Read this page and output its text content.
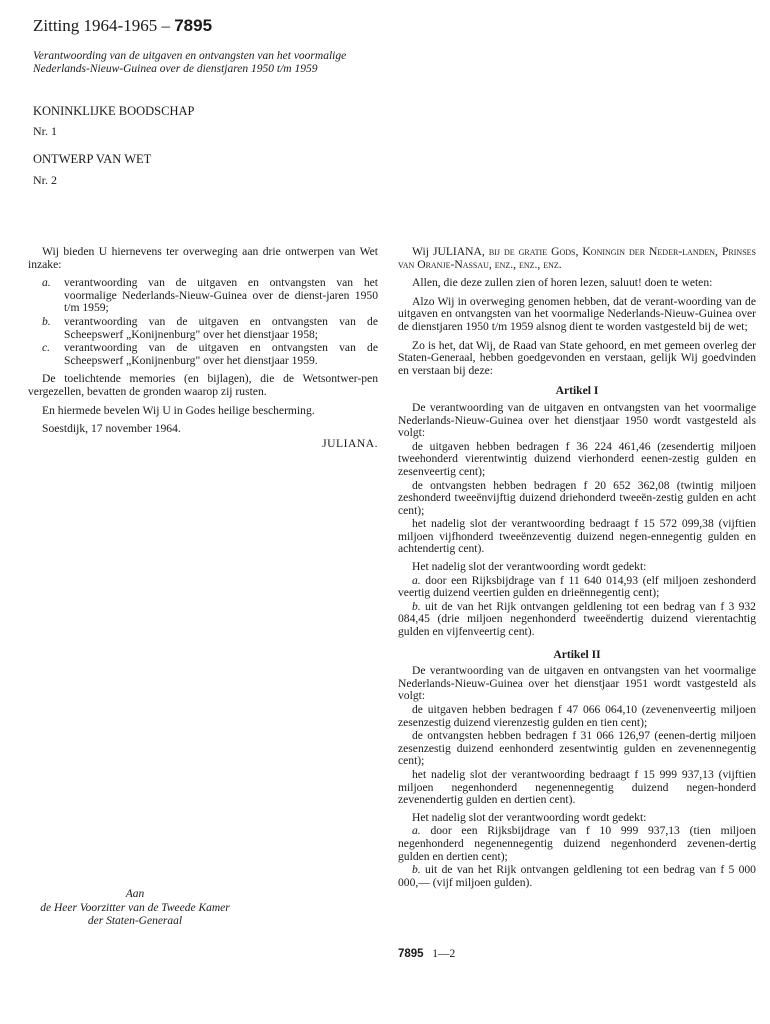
Zitting 1964-1965 – 7895
Verantwoording van de uitgaven en ontvangsten van het voormalige Nederlands-Nieuw-Guinea over de dienstjaren 1950 t/m 1959
KONINKLIJKE BOODSCHAP
Nr. 1
ONTWERP VAN WET
Nr. 2

Wij bieden U hiernevens ter overweging aan drie ontwerpen van Wet inzake:

a. verantwoording van de uitgaven en ontvangsten van het voormalige Nederlands-Nieuw-Guinea over de dienst-jaren 1950 t/m 1959;
b. verantwoording van de uitgaven en ontvangsten van de Scheepswerf „Konijnenburg" over het dienstjaar 1958;
c. verantwoording van de uitgaven en ontvangsten van de Scheepswerf „Konijnenburg" over het dienstjaar 1959.

De toelichtende memories (en bijlagen), die de Wetsontwer-pen vergezellen, bevatten de gronden waarop zij rusten.

En hiermede bevelen Wij U in Godes heilige bescherming.

Soestdijk, 17 november 1964.

JULIANA.

Aan
de Heer Voorzitter van de Tweede Kamer
der Staten-Generaal

Wij JULIANA, bij de gratie Gods, Koningin der Neder-landen, Prinses van Oranje-Nassau, enz., enz., enz.

Allen, die deze zullen zien of horen lezen, saluut! doen te weten:

Alzo Wij in overweging genomen hebben, dat de verant-woording van de uitgaven en ontvangsten van het voormalige Nederlands-Nieuw-Guinea over de dienstjaren 1950 t/m 1959 alsnog dient te worden vastgesteld bij de wet;

Zo is het, dat Wij, de Raad van State gehoord, en met gemeen overleg der Staten-Generaal, hebben goedgevonden en verstaan, gelijk Wij goedvinden en verstaan bij deze:

Artikel I

De verantwoording van de uitgaven en ontvangsten van het voormalige Nederlands-Nieuw-Guinea over het dienstjaar 1950 wordt vastgesteld als volgt:

de uitgaven hebben bedragen f 36 224 461,46 (zesendertig miljoen tweehonderd vierentwintig duizend vierhonderd eenen-zestig gulden en zesenveertig cent);

de ontvangsten hebben bedragen f 20 652 362,08 (twintig miljoen zeshonderd tweeënvijftig duizend driehonderd tweeën-zestig gulden en acht cent);

het nadelig slot der verantwoording bedraagt f 15 572 099,38 (vijftien miljoen vijfhonderd tweeënzeventig duizend negen-ennegentig gulden en achtendertig cent).

Het nadelig slot der verantwoording wordt gedekt:

a. door een Rijksbijdrage van f 11 640 014,93 (elf miljoen zeshonderd veertig duizend veertien gulden en drieënnegentig cent);

b. uit de van het Rijk ontvangen geldlening tot een bedrag van f 3 932 084,45 (drie miljoen negenhonderd tweeëndertig duizend vierentachtig gulden en vijfenveertig cent).

Artikel II

De verantwoording van de uitgaven en ontvangsten van het voormalige Nederlands-Nieuw-Guinea over het dienstjaar 1951 wordt vastgesteld als volgt:

de uitgaven hebben bedragen f 47 066 064,10 (zevenenveertig miljoen zesenzestig duizend vierenzestig gulden en tien cent);

de ontvangsten hebben bedragen f 31 066 126,97 (eenen-dertig miljoen zesenzestig duizend eenhonderd zesentwintig gulden en zevenennegentig cent);

het nadelig slot der verantwoording bedraagt f 15 999 937,13 (vijftien miljoen negenhonderd negenennegentig duizend negen-honderd zevenendertig gulden en dertien cent).

Het nadelig slot der verantwoording wordt gedekt:

a. door een Rijksbijdrage van f 10 999 937,13 (tien miljoen negenhonderd negenennegentig duizend negenhonderd zevenen-dertig gulden en dertien cent);

b. uit de van het Rijk ontvangen geldlening tot een bedrag van f 5 000 000,— (vijf miljoen gulden).

7895 1—2
